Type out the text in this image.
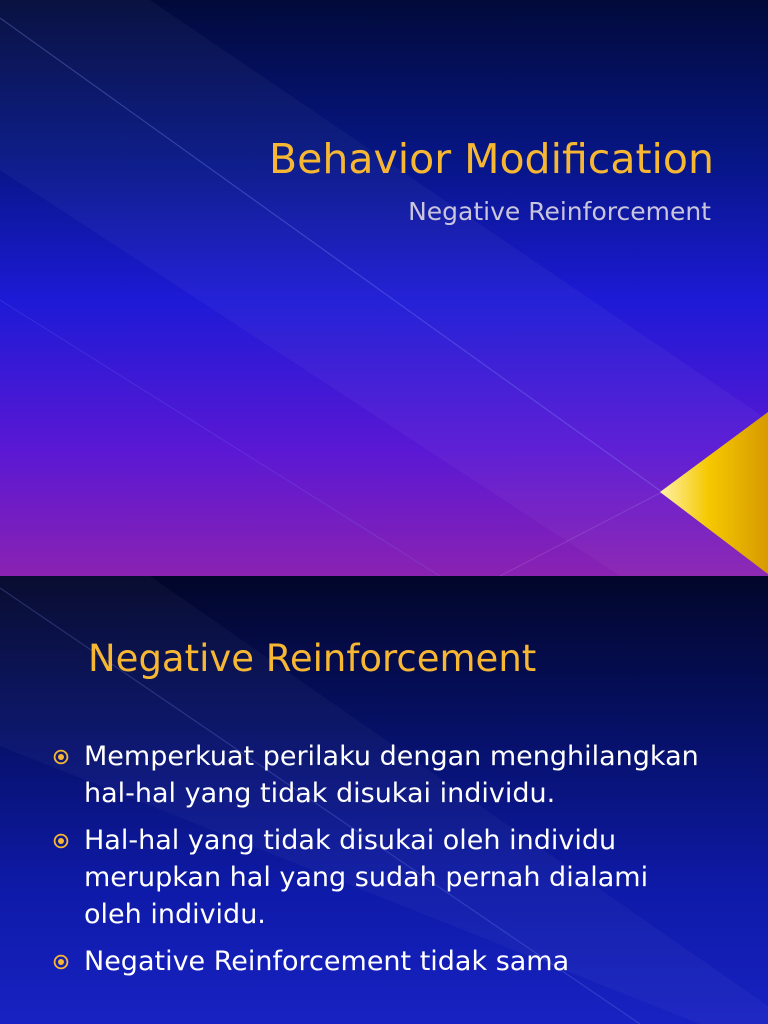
Behavior Modification
Negative Reinforcement
Negative Reinforcement
Memperkuat perilaku dengan menghilangkan hal-hal yang tidak disukai individu.
Hal-hal yang tidak disukai oleh individu merupkan hal yang sudah pernah dialami oleh individu.
Negative Reinforcement tidak sama
